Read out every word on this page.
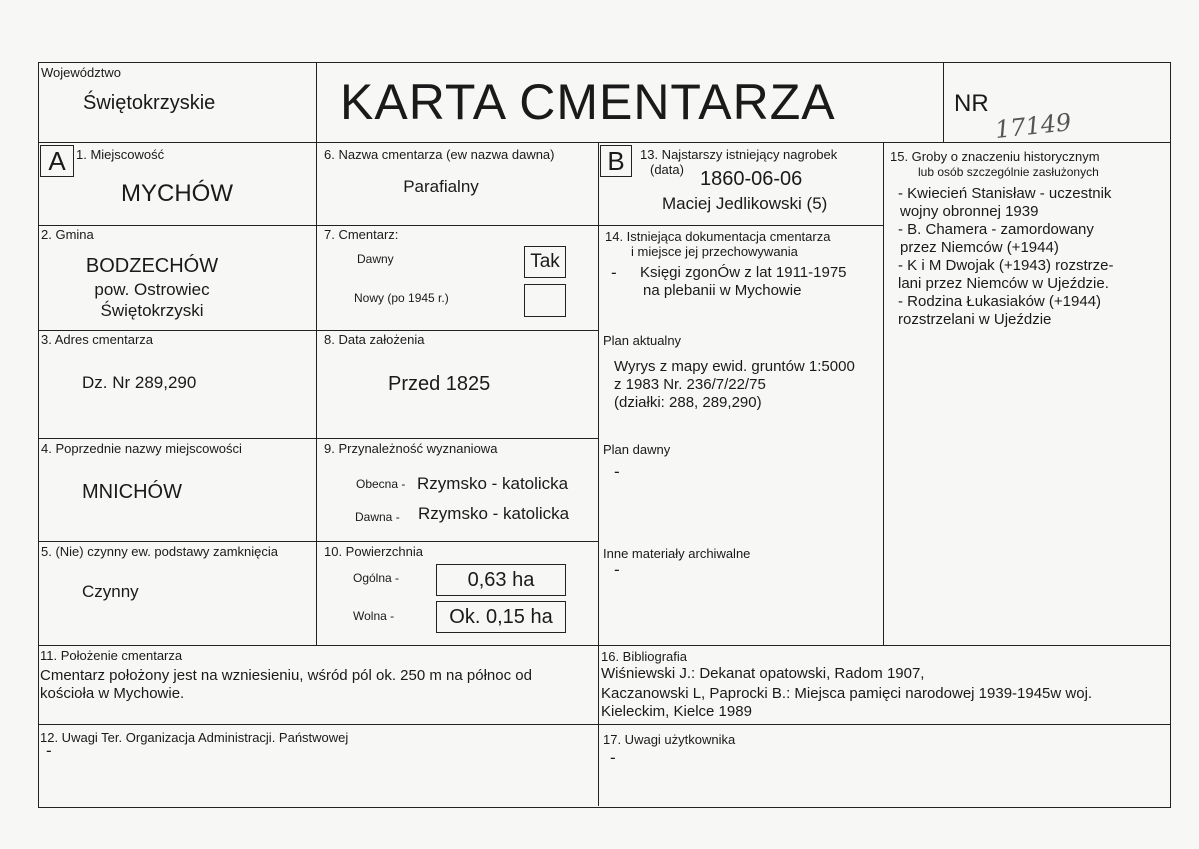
Województwo
Świętokrzyskie KARTA CMENTARZA	NR
17149
A	B
1. Miejscowość
MYCHÓW
2. Gmina
BODZECHÓW
pow. Ostrowiec
Świętokrzyski
3. Adres cmentarza
Dz. Nr 289,290
4. Poprzednie nazwy miejscowości
MNICHÓW
5. (Nie) czynny ew. podstawy zamknięcia
Czynny
6. Nazwa cmentarza (ew nazwa dawna)
Parafialny
7. Cmentarz:
Dawny	Tak
Nowy (po 1945 r.)
8. Data założenia
Przed 1825
9. Przynależność wyznaniowa
Obecna - Rzymsko - katolicka
Dawna - Rzymsko - katolicka
10. Powierzchnia
Ogólna -	0,63 ha
Wolna -	Ok. 0,15 ha
13. Najstarszy istniejący nagrobek
(data) 1860-06-06
Maciej Jedlikowski (5)
14. Istniejąca dokumentacja cmentarza
i miejsce jej przechowywania
- Księgi zgonÓw z lat 1911-1975
na plebanii w Mychowie
Plan aktualny
Wyrys z mapy ewid. gruntów 1:5000
z 1983 Nr. 236/7/22/75
(działki: 288, 289,290)
Plan dawny
-
Inne materiały archiwalne
-
15. Groby o znaczeniu historycznym
lub osób szczególnie zasłużonych
- Kwiecień Stanisław - uczestnik
wojny obronnej 1939
- B. Chamera - zamordowany
przez Niemców (+1944)
- K i M Dwojak (+1943) rozstrze-
lani przez Niemców w Ujeździe.
- Rodzina Łukasiaków (+1944)
rozstrzelani w Ujeździe
11. Położenie cmentarza
Cmentarz położony jest na wzniesieniu, wśród pól ok. 250 m na północ od
kościoła w Mychowie.
16. Bibliografia
Wiśniewski J.: Dekanat opatowski, Radom 1907,
Kaczanowski L, Paprocki B.: Miejsca pamięci narodowej 1939-1945w woj.
Kieleckim, Kielce 1989
12. Uwagi Ter. Organizacja Administracji. Państwowej
-
17. Uwagi użytkownika
-
